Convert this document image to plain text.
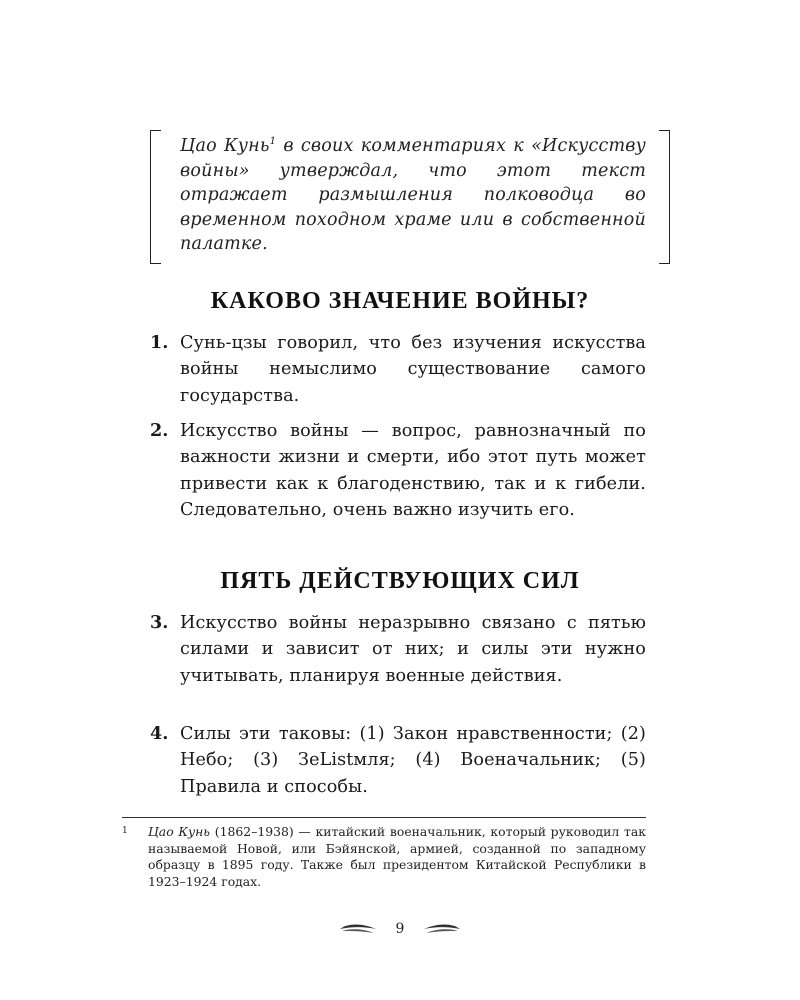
Цао Кунь$^1$ в своих комментариях к «Искусству войны» утверждал, что этот текст отражает размышления полководца во временном походном храме или в собственной палатке.
КАКОВО ЗНАЧЕНИЕ ВОЙНЫ?
1. Сунь-цзы говорил, что без изучения искусства войны немыслимо существование самого государства.
2. Искусство войны — вопрос, равнозначный по важности жизни и смерти, ибо этот путь может привести как к благоденствию, так и к гибели. Следовательно, очень важно изучить его.
ПЯТЬ ДЕЙСТВУЮЩИХ СИЛ
3. Искусство войны неразрывно связано с пятью силами и зависит от них; и силы эти нужно учитывать, планируя военные действия.
4. Силы эти таковы: (1) Закон нравственности; (2) Небо; (3) ЗеListмля; (4) Военачальник; (5) Правила и способы.
1 Цао Кунь (1862–1938) — китайский военачальник, который руководил так называемой Новой, или Бэйянской, армией, созданной по западному образцу в 1895 году. Также был президентом Китайской Республики в 1923–1924 годах.
9
